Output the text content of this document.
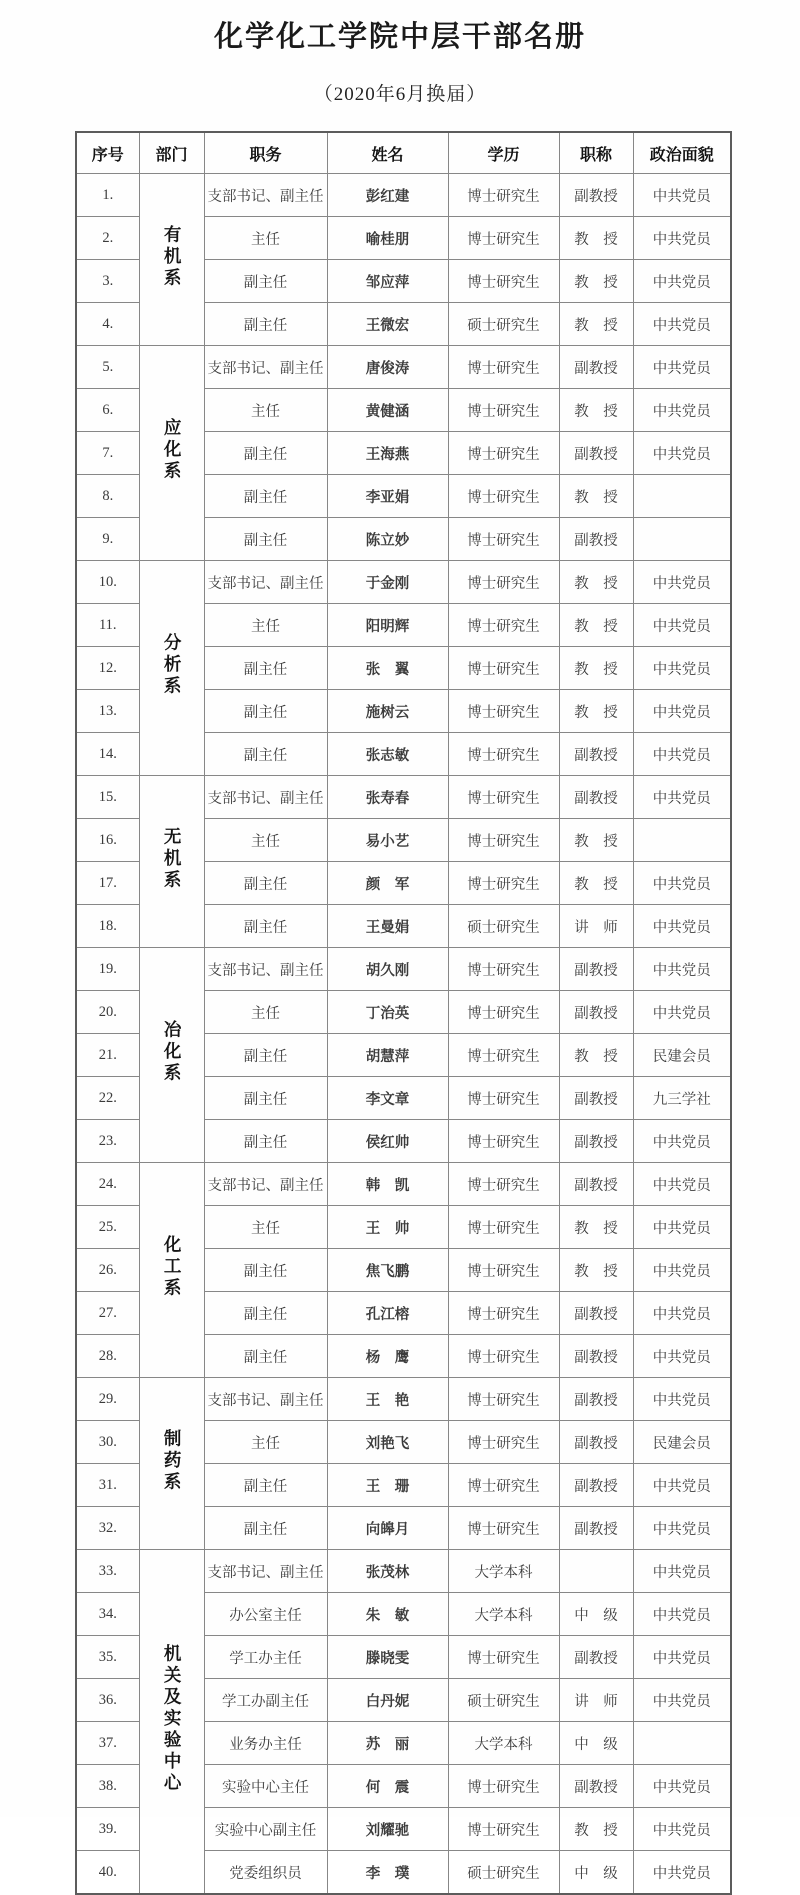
化学化工学院中层干部名册
（2020年6月换届）
序号	部门	职务	姓名	学历	职称	政治面貌
1.	有机系	支部书记、副主任	彭红建	博士研究生	副教授	中共党员
2.		主任	喻桂朋	博士研究生	教　授	中共党员
3.		副主任	邹应萍	博士研究生	教　授	中共党员
4.		副主任	王微宏	硕士研究生	教　授	中共党员
5.	应化系	支部书记、副主任	唐俊涛	博士研究生	副教授	中共党员
6.		主任	黄健涵	博士研究生	教　授	中共党员
7.		副主任	王海燕	博士研究生	副教授	中共党员
8.		副主任	李亚娟	博士研究生	教　授	
9.		副主任	陈立妙	博士研究生	副教授	
10.	分析系	支部书记、副主任	于金刚	博士研究生	教　授	中共党员
11.		主任	阳明辉	博士研究生	教　授	中共党员
12.		副主任	张　翼	博士研究生	教　授	中共党员
13.		副主任	施树云	博士研究生	教　授	中共党员
14.		副主任	张志敏	博士研究生	副教授	中共党员
15.	无机系	支部书记、副主任	张寿春	博士研究生	副教授	中共党员
16.		主任	易小艺	博士研究生	教　授	
17.		副主任	颜　军	博士研究生	教　授	中共党员
18.		副主任	王曼娟	硕士研究生	讲　师	中共党员
19.	冶化系	支部书记、副主任	胡久刚	博士研究生	副教授	中共党员
20.		主任	丁治英	博士研究生	副教授	中共党员
21.		副主任	胡慧萍	博士研究生	教　授	民建会员
22.		副主任	李文章	博士研究生	副教授	九三学社
23.		副主任	侯红帅	博士研究生	副教授	中共党员
24.	化工系	支部书记、副主任	韩　凯	博士研究生	副教授	中共党员
25.		主任	王　帅	博士研究生	教　授	中共党员
26.		副主任	焦飞鹏	博士研究生	教　授	中共党员
27.		副主任	孔江榕	博士研究生	副教授	中共党员
28.		副主任	杨　鹰	博士研究生	副教授	中共党员
29.	制药系	支部书记、副主任	王　艳	博士研究生	副教授	中共党员
30.		主任	刘艳飞	博士研究生	副教授	民建会员
31.		副主任	王　珊	博士研究生	副教授	中共党员
32.		副主任	向皞月	博士研究生	副教授	中共党员
33.	机关及实验中心	支部书记、副主任	张茂林	大学本科		中共党员
34.		办公室主任	朱　敏	大学本科	中　级	中共党员
35.		学工办主任	滕晓雯	博士研究生	副教授	中共党员
36.		学工办副主任	白丹妮	硕士研究生	讲　师	中共党员
37.		业务办主任	苏　丽	大学本科	中　级	
38.		实验中心主任	何　震	博士研究生	副教授	中共党员
39.		实验中心副主任	刘耀驰	博士研究生	教　授	中共党员
40.		党委组织员	李　璞	硕士研究生	中　级	中共党员
